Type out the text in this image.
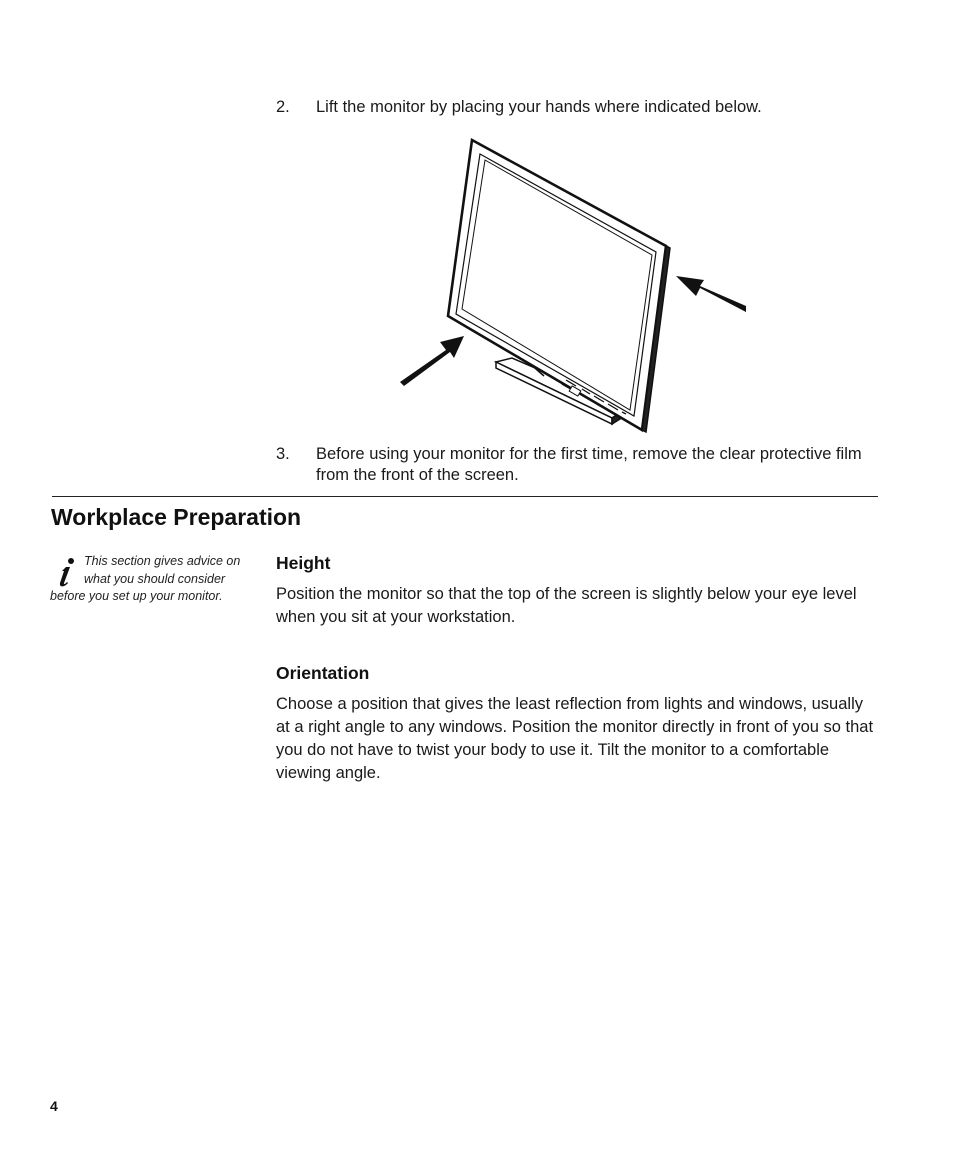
2. Lift the monitor by placing your hands where indicated below.
3. Before using your monitor for the first time, remove the clear protective film from the front of the screen.
Workplace Preparation
This section gives advice on
what you should consider
before you set up your monitor.
Height
Position the monitor so that the top of the screen is slightly below your eye level when you sit at your workstation.
Orientation
Choose a position that gives the least reflection from lights and windows, usually at a right angle to any windows. Position the monitor directly in front of you so that you do not have to twist your body to use it. Tilt the monitor to a comfortable viewing angle.
4
